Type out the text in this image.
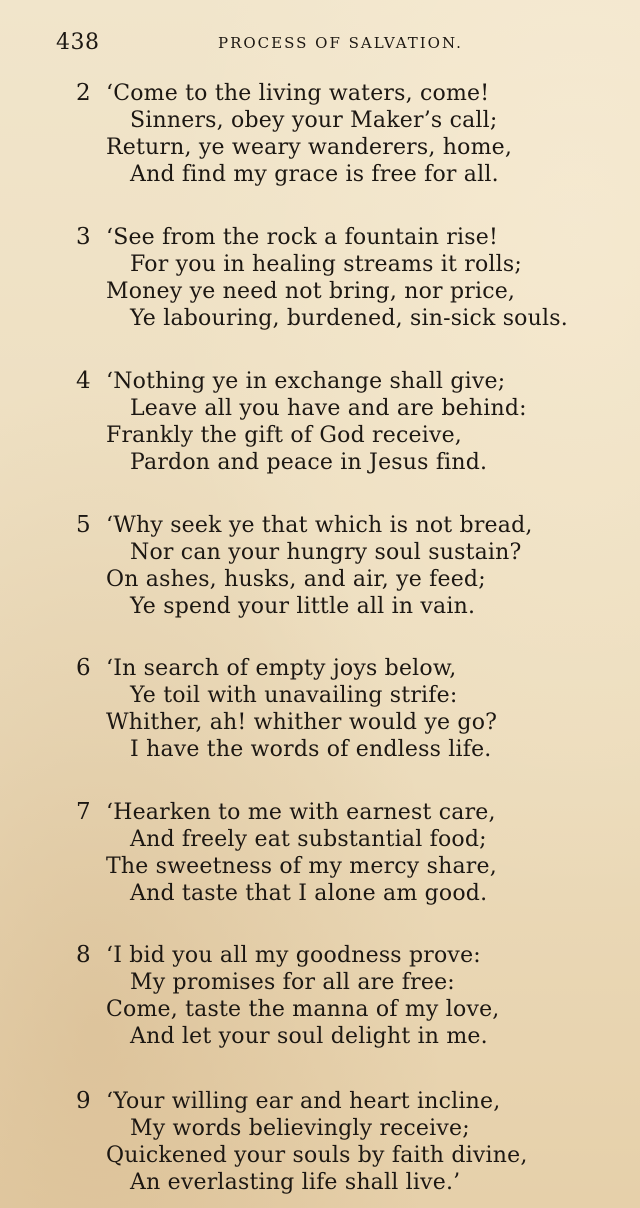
438	PROCESS OF SALVATION.
2 ‘Come to the living waters, come!
Sinners, obey your Maker’s call;
Return, ye weary wanderers, home,
And find my grace is free for all.
3 ‘See from the rock a fountain rise!
For you in healing streams it rolls;
Money ye need not bring, nor price,
Ye labouring, burdened, sin-sick souls.
4 ‘Nothing ye in exchange shall give;
Leave all you have and are behind:
Frankly the gift of God receive,
Pardon and peace in Jesus find.
5 ‘Why seek ye that which is not bread,
Nor can your hungry soul sustain?
On ashes, husks, and air, ye feed;
Ye spend your little all in vain.
6 ‘In search of empty joys below,
Ye toil with unavailing strife:
Whither, ah! whither would ye go?
I have the words of endless life.
7 ‘Hearken to me with earnest care,
And freely eat substantial food;
The sweetness of my mercy share,
And taste that I alone am good.
8 ‘I bid you all my goodness prove:
My promises for all are free:
Come, taste the manna of my love,
And let your soul delight in me.
9 ‘Your willing ear and heart incline,
My words believingly receive;
Quickened your souls by faith divine,
An everlasting life shall live.’
